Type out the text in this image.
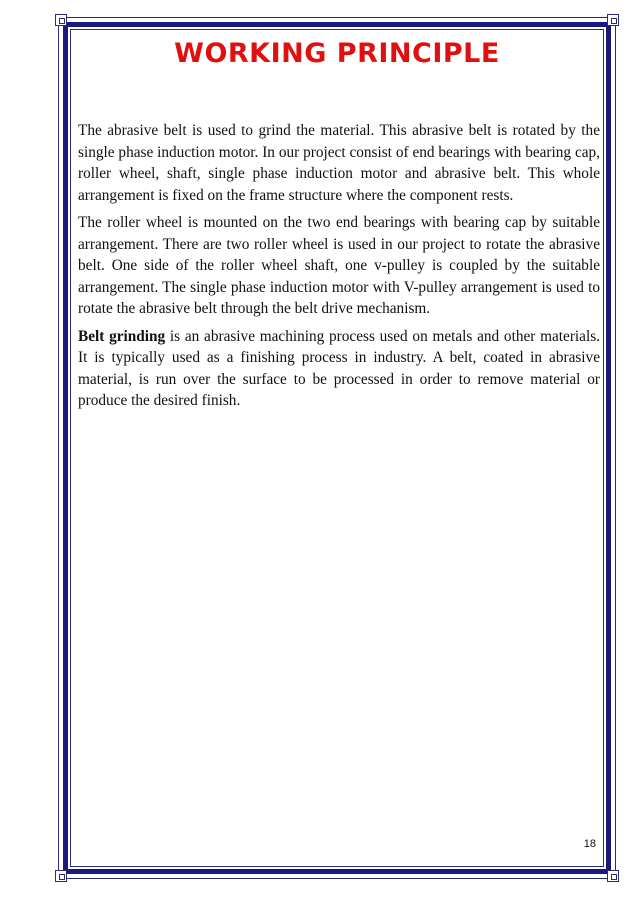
WORKING PRINCIPLE

The abrasive belt is used to grind the material. This abrasive belt is rotated by the single phase induction motor. In our project consist of end bearings with bearing cap, roller wheel, shaft, single phase induction motor and abrasive belt. This whole arrangement is fixed on the frame structure where the component rests.

The roller wheel is mounted on the two end bearings with bearing cap by suitable arrangement. There are two roller wheel is used in our project to rotate the abrasive belt. One side of the roller wheel shaft, one v-pulley is coupled by the suitable arrangement. The single phase induction motor with V-pulley arrangement is used to rotate the abrasive belt through the belt drive mechanism.

Belt grinding is an abrasive machining process used on metals and other materials. It is typically used as a finishing process in industry. A belt, coated in abrasive material, is run over the surface to be processed in order to remove material or produce the desired finish.

18
